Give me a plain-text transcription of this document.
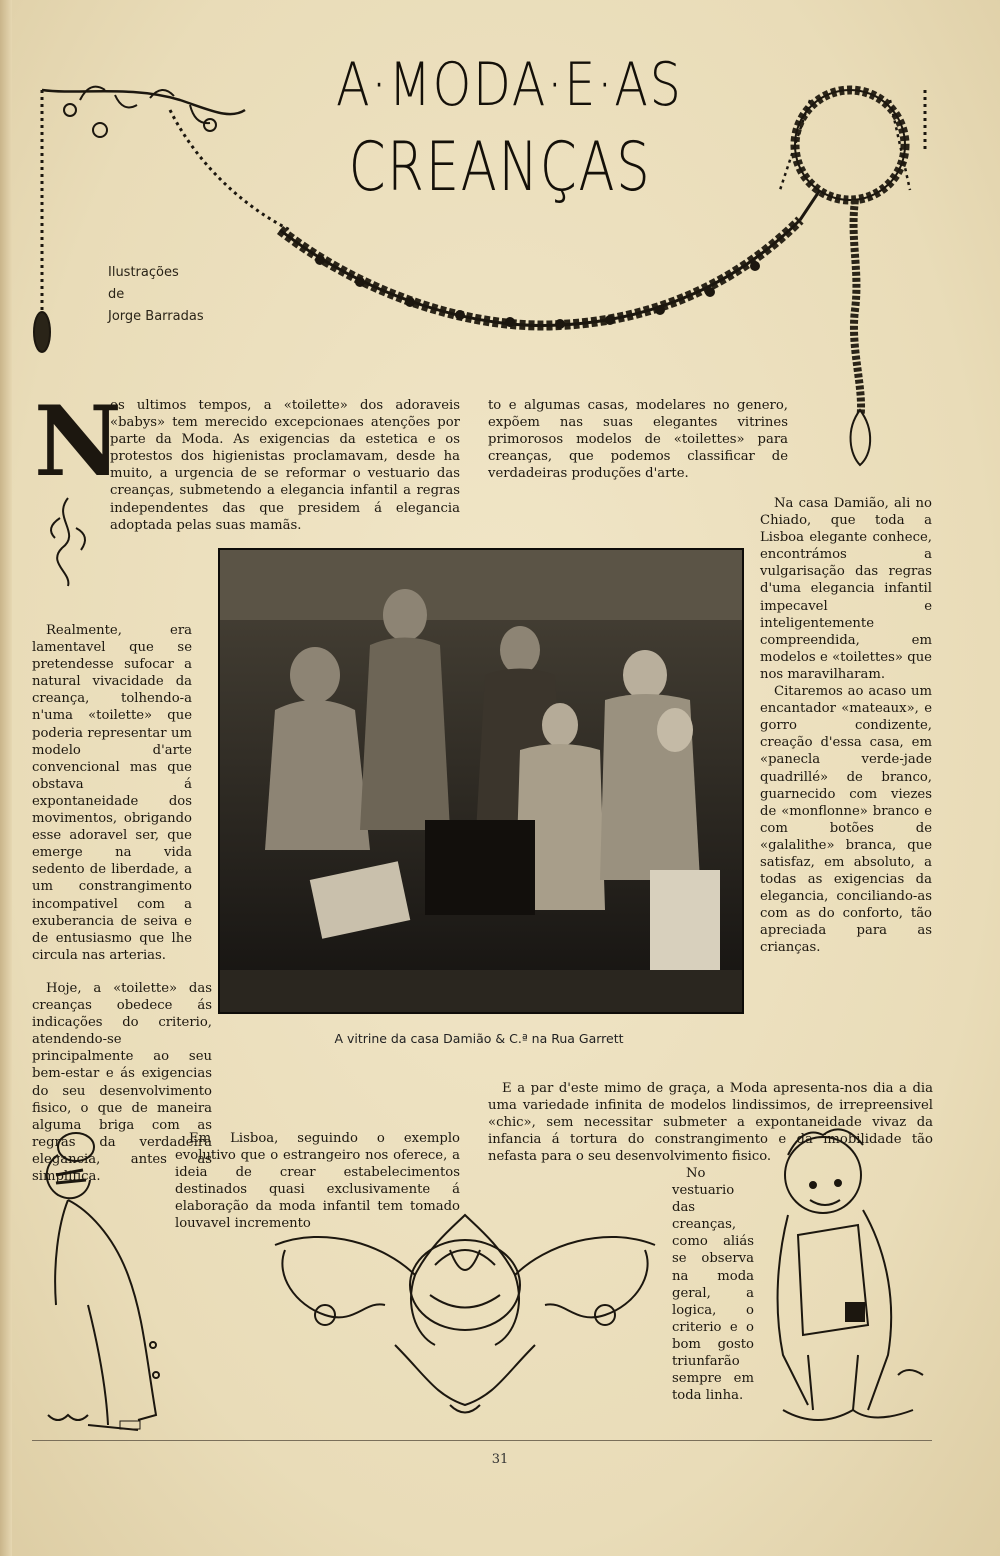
A·MODA·E·AS
CREANÇAS
Ilustrações
de
Jorge Barradas
N

os ultimos tempos, a «toilette» dos adoraveis «babys» tem merecido excepcionaes atenções por parte da Moda. As exigencias da estetica e os protestos dos higienistas proclamavam, desde ha muito, a urgencia de se reformar o vestuario das creanças, submetendo a elegancia infantil a regras independentes das que presidem á elegancia adoptada pelas suas mamãs.

Realmente, era lamentavel que se pretendesse sufocar a natural vivacidade da creança, tolhendo-a n'uma «toilette» que poderia representar um modelo d'arte convencional mas que obstava á expontaneidade dos movimentos, obrigando esse adoravel ser, que emerge na vida sedento de liberdade, a um constrangimento incompativel com a exuberancia de seiva e de entusiasmo que lhe circula nas arterias.

Hoje, a «toilette» das creanças obedece ás indicações do criterio, atendendo-se principalmente ao seu bem-estar e ás exigencias do seu desenvolvimento fisico, o que de maneira alguma briga com as regras da verdadeira elegancia, antes as simplifica.

Em Lisboa, seguindo o exemplo evolutivo que o estrangeiro nos oferece, a ideia de crear estabelecimentos destinados quasi exclusivamente á elaboração da moda infantil tem tomado louvavel incremento

to e algumas casas, modelares no genero, expõem nas suas elegantes vitrines primorosos modelos de «toilettes» para creanças, que podemos classificar de verdadeiras produções d'arte.

Na casa Damião, ali no Chiado, que toda a Lisboa elegante conhece, encontrámos a vulgarisação das regras d'uma elegancia infantil impecavel e inteligentemente compreendida, em modelos e «toilettes» que nos maravilharam.

Citaremos ao acaso um encantador «mateaux», e gorro condizente, creação d'essa casa, em «panecla verde-jade quadrillé» de branco, guarnecido com viezes de «monflonne» branco e com botões de «galalithe» branca, que satisfaz, em absoluto, a todas as exigencias da elegancia, conciliando-as com as do conforto, tão apreciada para as crianças.

E a par d'este mimo de graça, a Moda apresenta-nos dia a dia uma variedade infinita de modelos lindissimos, de irrepreensivel «chic», sem necessitar submeter a expontaneidade vivaz da infancia á tortura do constrangimento e da imobilidade tão nefasta para o seu desenvolvimento fisico.

No vestuario das creanças, como aliás se observa na moda geral, a logica, o criterio e o bom gosto triunfarão sempre em toda linha.

A vitrine da casa Damião & C.ª na Rua Garrett
31
